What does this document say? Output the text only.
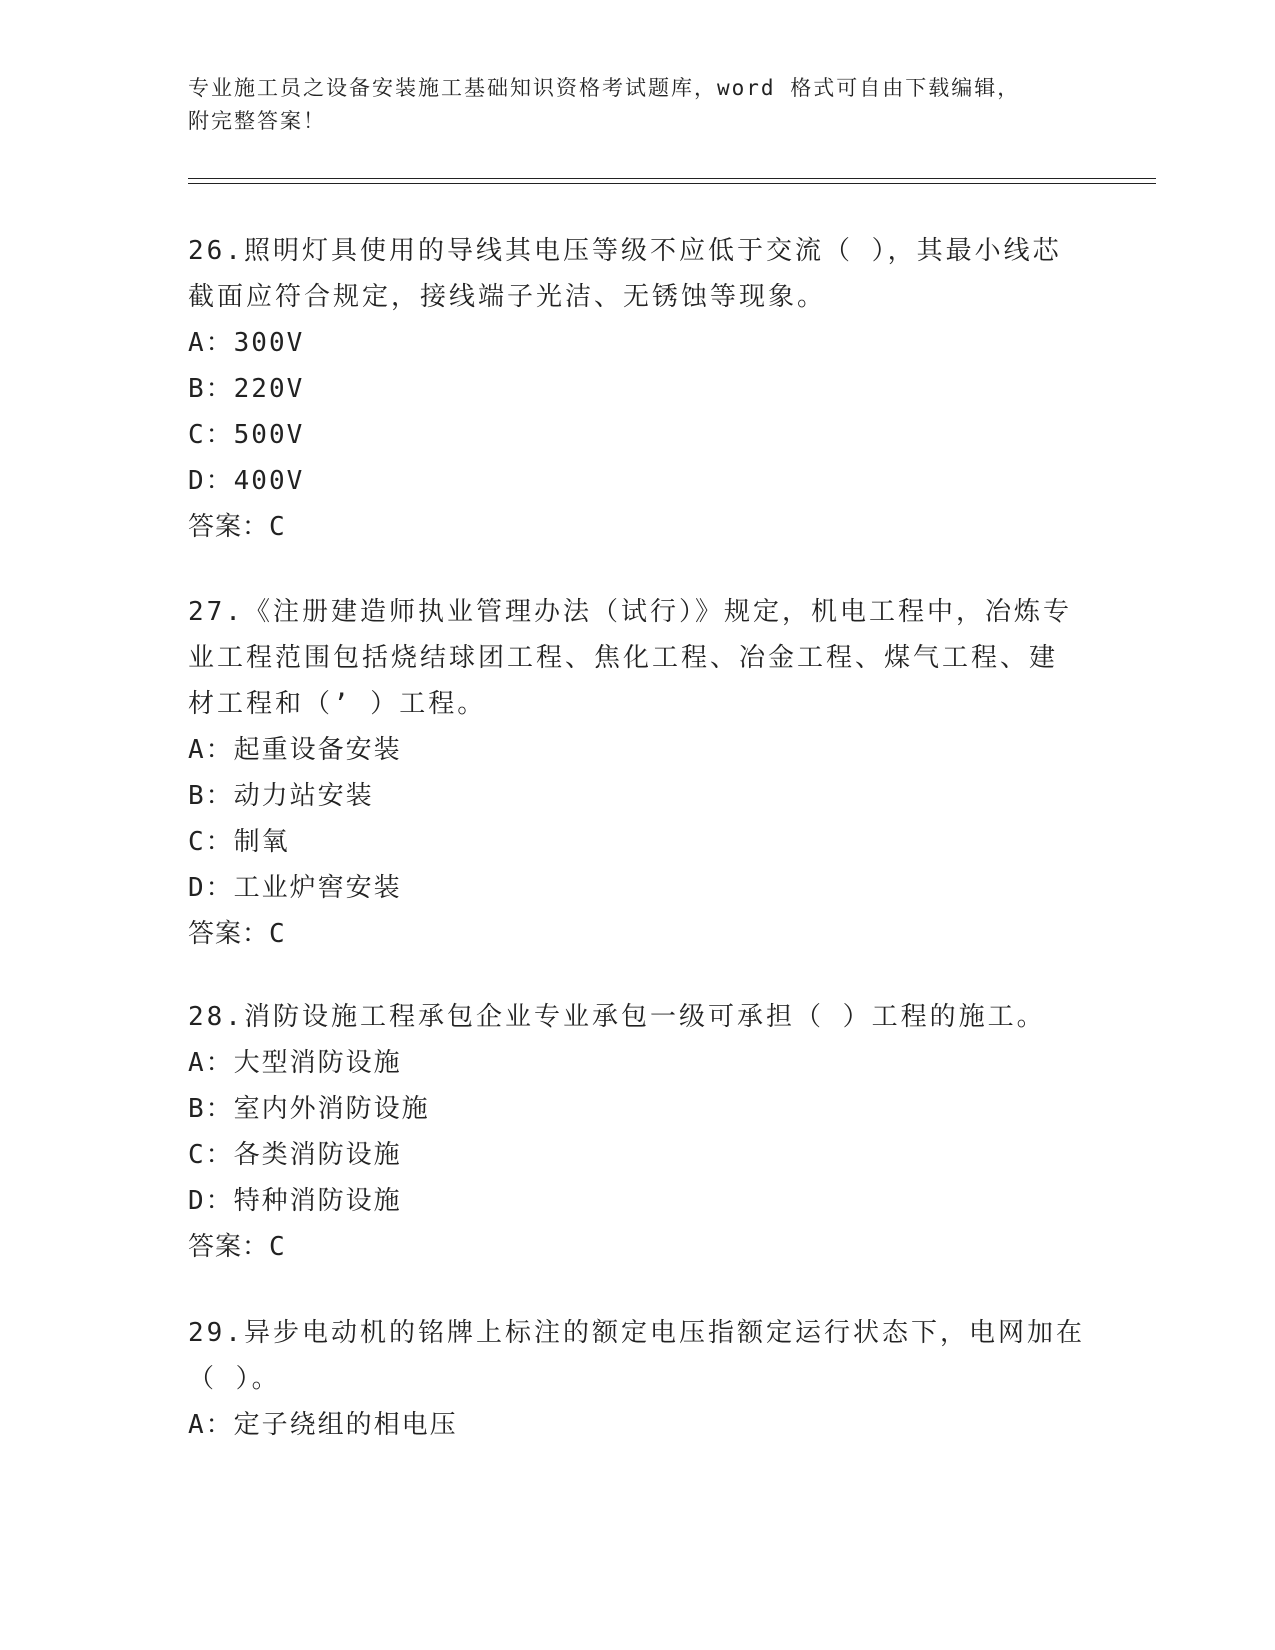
专业施工员之设备安装施工基础知识资格考试题库，word 格式可自由下载编辑，
附完整答案！

26.照明灯具使用的导线其电压等级不应低于交流（ ），其最小线芯

截面应符合规定，接线端子光洁、无锈蚀等现象。

A：300V

B：220V

C：500V

D：400V

答案：C

27.《注册建造师执业管理办法（试行）》规定，机电工程中，冶炼专

业工程范围包括烧结球团工程、焦化工程、冶金工程、煤气工程、建

材工程和（’ ）工程。

A：起重设备安装

B：动力站安装

C：制氧

D：工业炉窖安装

答案：C

28.消防设施工程承包企业专业承包一级可承担（ ）工程的施工。

A：大型消防设施

B：室内外消防设施

C：各类消防设施

D：特种消防设施

答案：C

29.异步电动机的铭牌上标注的额定电压指额定运行状态下，电网加在

（ ）。

A：定子绕组的相电压
